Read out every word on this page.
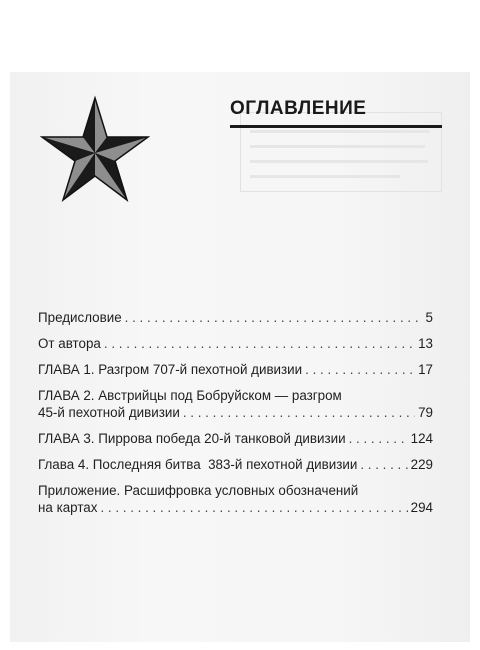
ОГЛАВЛЕНИЕ
Предисловие . . .	5
От автора . . .	13
ГЛАВА 1. Разгром 707-й пехотной дивизии . . .	17
ГЛАВА 2. Австрийцы под Бобруйском — разгром
45-й пехотной дивизии . . .	79
ГЛАВА 3. Пиррова победа 20-й танковой дивизии . . .	124
Глава 4. Последняя битва  383-й пехотной дивизии . . .	229
Приложение. Расшифровка условных обозначений
на картах . . .	294
